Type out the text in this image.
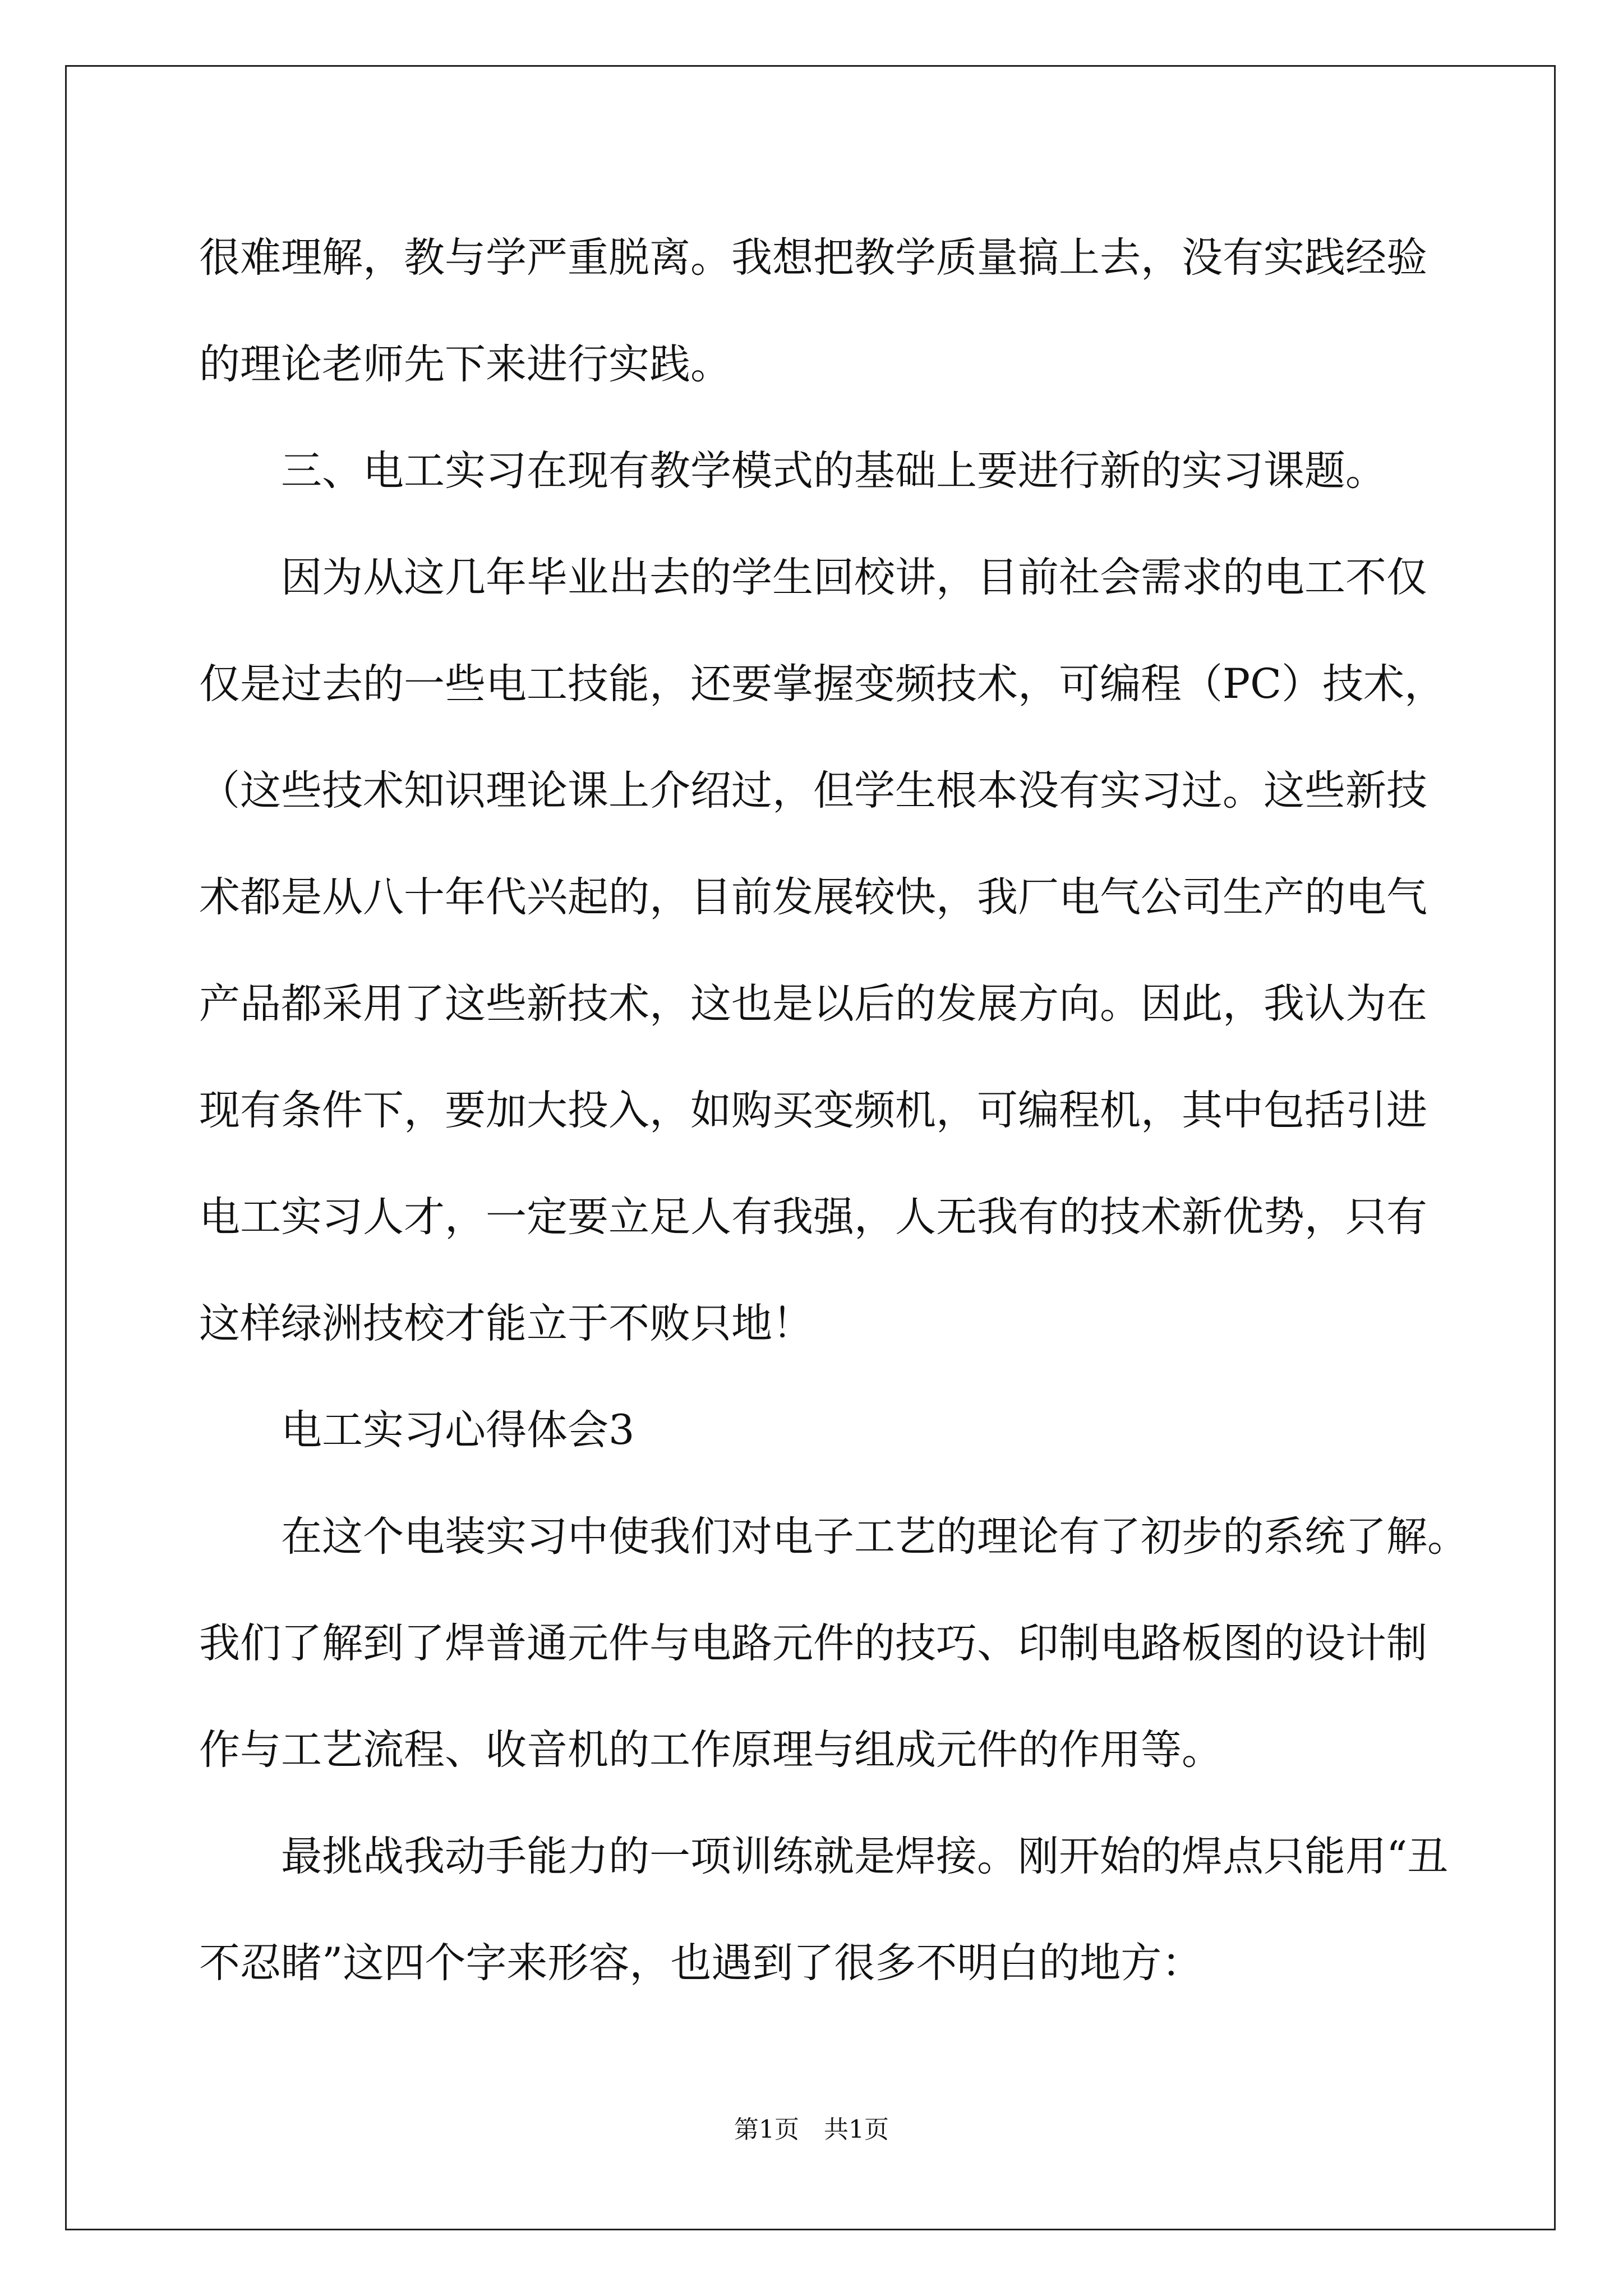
很难理解，教与学严重脱离。我想把教学质量搞上去，没有实践经验
的理论老师先下来进行实践。
　　三、电工实习在现有教学模式的基础上要进行新的实习课题。
　　因为从这几年毕业出去的学生回校讲，目前社会需求的电工不仅
仅是过去的一些电工技能，还要掌握变频技术，可编程（PC）技术，
（这些技术知识理论课上介绍过，但学生根本没有实习过。这些新技
术都是从八十年代兴起的，目前发展较快，我厂电气公司生产的电气
产品都采用了这些新技术，这也是以后的发展方向。因此，我认为在
现有条件下，要加大投入，如购买变频机，可编程机，其中包括引进
电工实习人才，一定要立足人有我强，人无我有的技术新优势，只有
这样绿洲技校才能立于不败只地！
　　电工实习心得体会3
　　在这个电装实习中使我们对电子工艺的理论有了初步的系统了解。
我们了解到了焊普通元件与电路元件的技巧、印制电路板图的设计制
作与工艺流程、收音机的工作原理与组成元件的作用等。
　　最挑战我动手能力的一项训练就是焊接。刚开始的焊点只能用“丑
不忍睹”这四个字来形容，也遇到了很多不明白的地方：
第1页　共1页
